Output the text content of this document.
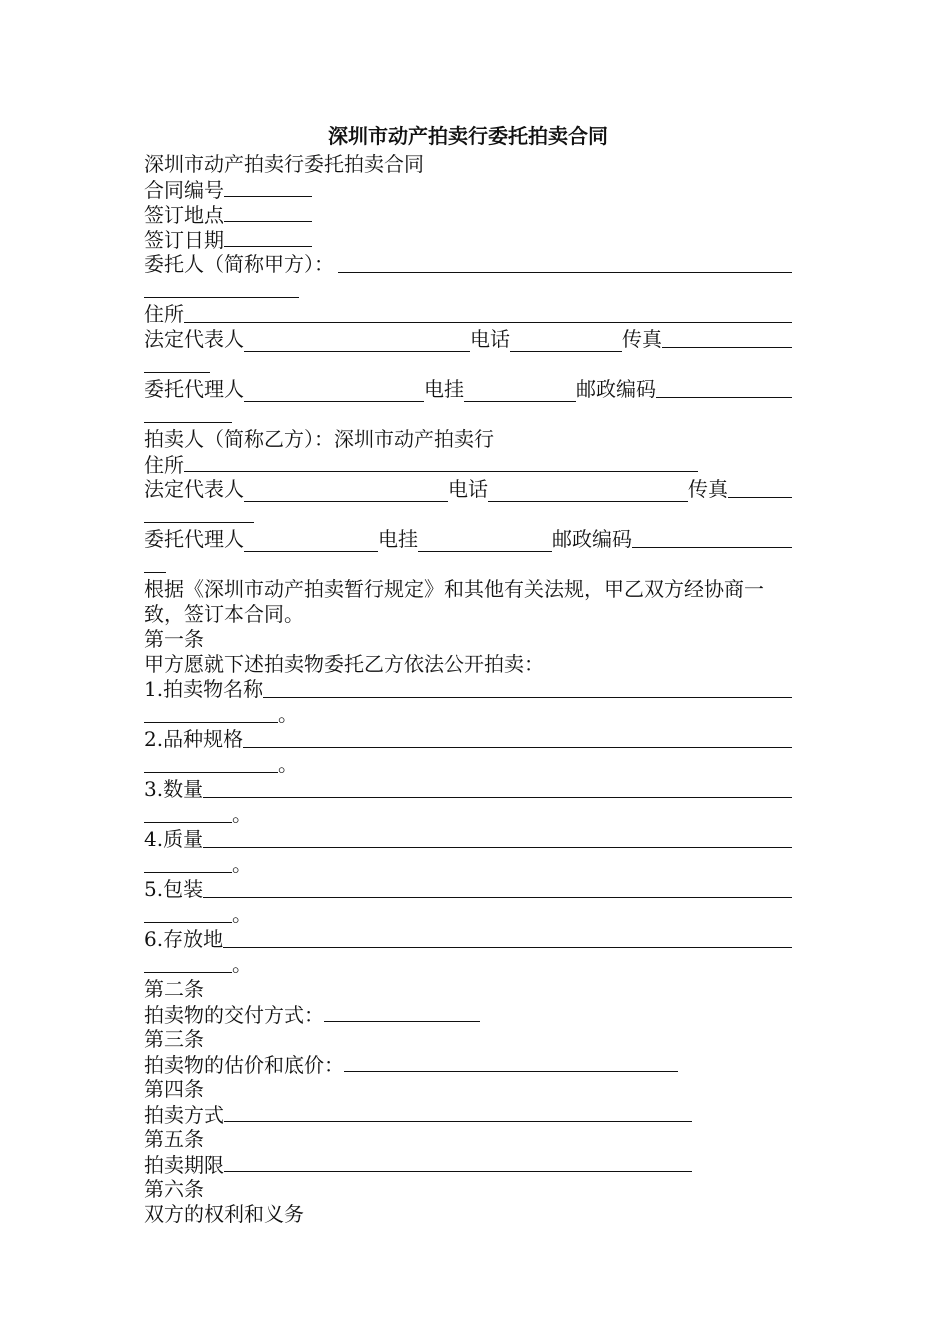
深圳市动产拍卖行委托拍卖合同
深圳市动产拍卖行委托拍卖合同
合同编号
签订地点
签订日期
委托人（简称甲方）：
住所
法定代表人	电话	传真
委托代理人	电挂	邮政编码
拍卖人（简称乙方）：深圳市动产拍卖行
住所
法定代表人	电话	传真
委托代理人	电挂	邮政编码
根据《深圳市动产拍卖暂行规定》和其他有关法规，甲乙双方经协商一致，签订本合同。
第一条
甲方愿就下述拍卖物委托乙方依法公开拍卖：
1.拍卖物名称
。
2.品种规格
。
3.数量
。
4.质量
。
5.包装
。
6.存放地
。
第二条
拍卖物的交付方式：
第三条
拍卖物的估价和底价：
第四条
拍卖方式
第五条
拍卖期限
第六条
双方的权利和义务
